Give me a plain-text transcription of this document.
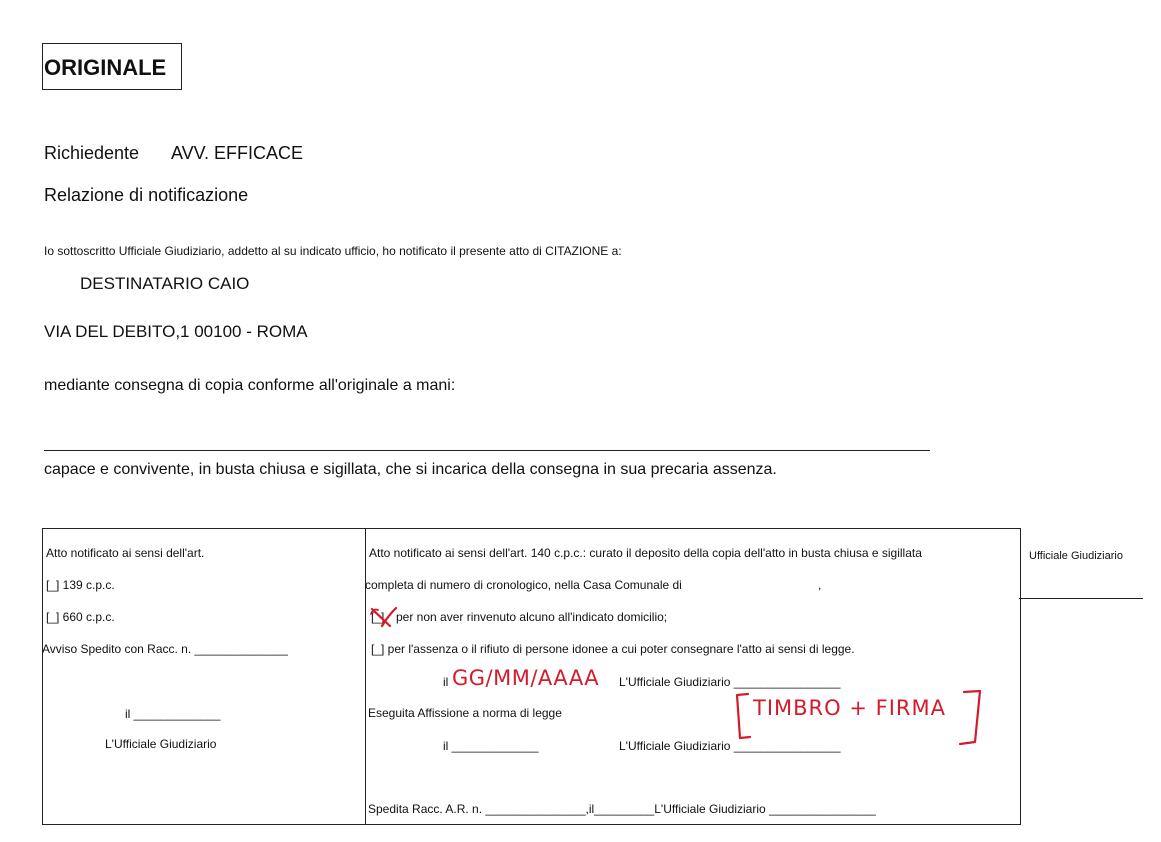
ORIGINALE
Richiedente AVV. EFFICACE
Relazione di notificazione
Io sottoscritto Ufficiale Giudiziario, addetto al su indicato ufficio, ho notificato il presente atto di CITAZIONE a:
DESTINATARIO CAIO
VIA DEL DEBITO,1 00100 - ROMA
mediante consegna di copia conforme all'originale a mani:
capace e convivente, in busta chiusa e sigillata, che si incarica della consegna in sua precaria assenza.
Atto notificato ai sensi dell'art.
[_] 139 c.p.c.
[_] 660 c.p.c.
Avviso Spedito con Racc. n. ______________
il _____________
L'Ufficiale Giudiziario
Atto notificato ai sensi dell'art. 140 c.p.c.: curato il deposito della copia dell'atto in busta chiusa e sigillata
completa di numero di cronologico, nella Casa Comunale di	,
[_] per non aver rinvenuto alcuno all'indicato domicilio;
[_] per l'assenza o il rifiuto di persone idonee a cui poter consegnare l'atto ai sensi di legge.
il GG/MM/AAAA L'Ufficiale Giudiziario ________________
Eseguita Affissione a norma di legge	TIMBRO + FIRMA
il _____________	L'Ufficiale Giudiziario ________________
Spedita Racc. A.R. n. _______________,il_________L'Ufficiale Giudiziario ________________
Ufficiale Giudiziario
